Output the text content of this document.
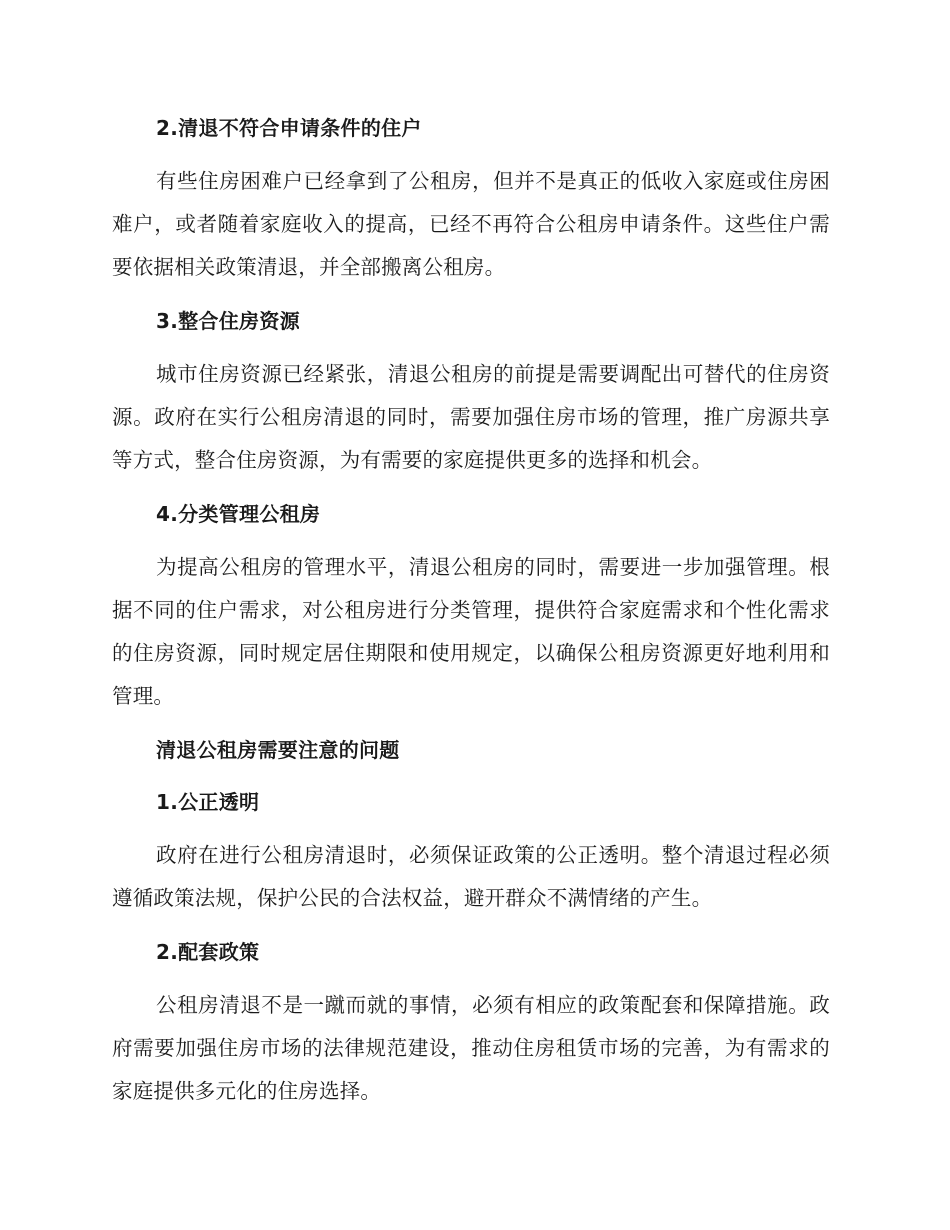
2.清退不符合申请条件的住户

有些住房困难户已经拿到了公租房，但并不是真正的低收入家庭或住房困难户，或者随着家庭收入的提高，已经不再符合公租房申请条件。这些住户需要依据相关政策清退，并全部搬离公租房。

3.整合住房资源

城市住房资源已经紧张，清退公租房的前提是需要调配出可替代的住房资源。政府在实行公租房清退的同时，需要加强住房市场的管理，推广房源共享等方式，整合住房资源，为有需要的家庭提供更多的选择和机会。

4.分类管理公租房

为提高公租房的管理水平，清退公租房的同时，需要进一步加强管理。根据不同的住户需求，对公租房进行分类管理，提供符合家庭需求和个性化需求的住房资源，同时规定居住期限和使用规定，以确保公租房资源更好地利用和管理。

清退公租房需要注意的问题
1.公正透明

政府在进行公租房清退时，必须保证政策的公正透明。整个清退过程必须遵循政策法规，保护公民的合法权益，避开群众不满情绪的产生。

2.配套政策

公租房清退不是一蹴而就的事情，必须有相应的政策配套和保障措施。政府需要加强住房市场的法律规范建设，推动住房租赁市场的完善，为有需求的家庭提供多元化的住房选择。
